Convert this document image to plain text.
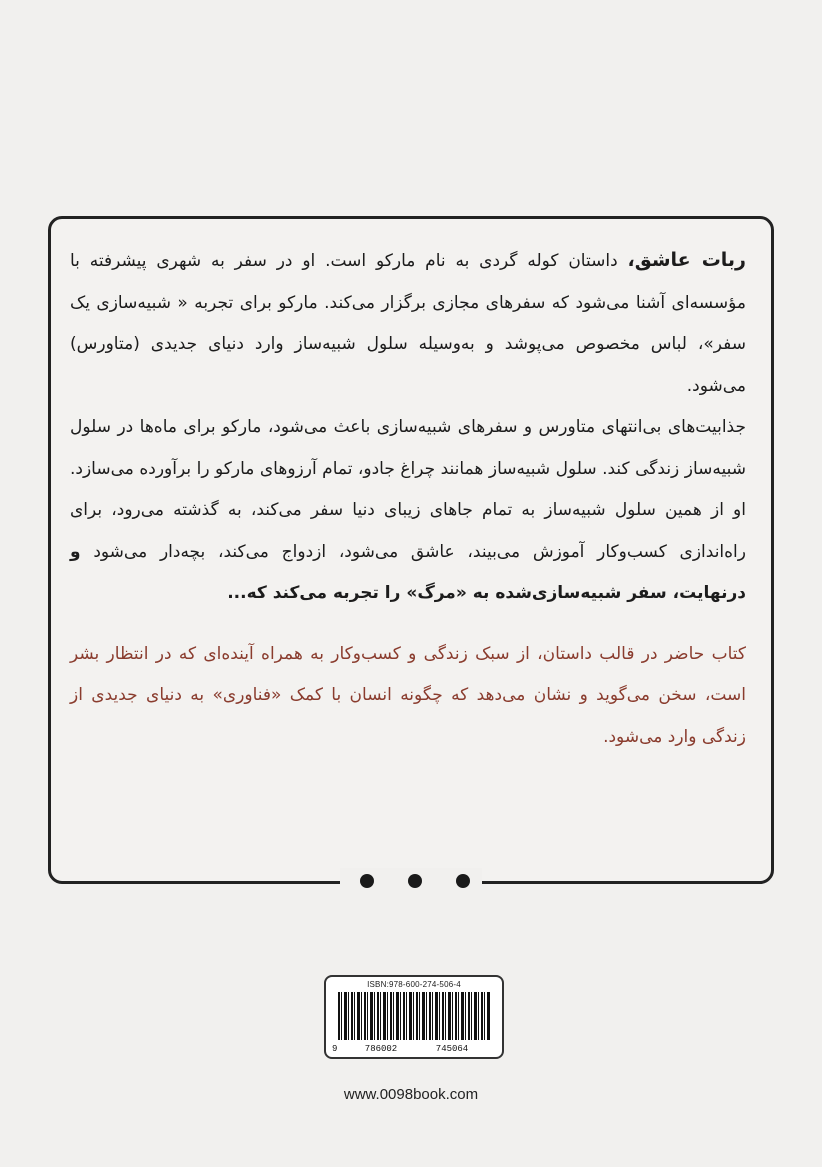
ربات عاشق، داستان کوله گردی به نام مارکو است. او در سفر به شهری پیشرفته با مؤسسه‌ای آشنا می‌شود که سفرهای مجازی برگزار می‌کند. مارکو برای تجربه « شبیه‌سازی یک سفر»، لباس مخصوص می‌پوشد و به‌وسیله سلول شبیه‌ساز وارد دنیای جدیدی (متاورس) می‌شود.
جذابیت‌های بی‌انتهای متاورس و سفرهای شبیه‌سازی باعث می‌شود، مارکو برای ماه‌ها در سلول شبیه‌ساز زندگی کند. سلول شبیه‌ساز همانند چراغ جادو، تمام آرزوهای مارکو را برآورده می‌سازد. او از همین سلول شبیه‌ساز به تمام جاهای زیبای دنیا سفر می‌کند، به گذشته می‌رود، برای راه‌اندازی کسب‌وکار آموزش می‌بیند، عاشق می‌شود، ازدواج می‌کند، بچه‌دار می‌شود و درنهایت، سفر شبیه‌سازی‌شده به «مرگ» را تجربه می‌کند که...

کتاب حاضر در قالب داستان، از سبک زندگی و کسب‌وکار به همراه آینده‌ای که در انتظار بشر است، سخن می‌گوید و نشان می‌دهد که چگونه انسان با کمک «فناوری» به دنیای جدیدی از زندگی وارد می‌شود.

ISBN:978-600-274-506-4
9	786002	745064
www.0098book.com
